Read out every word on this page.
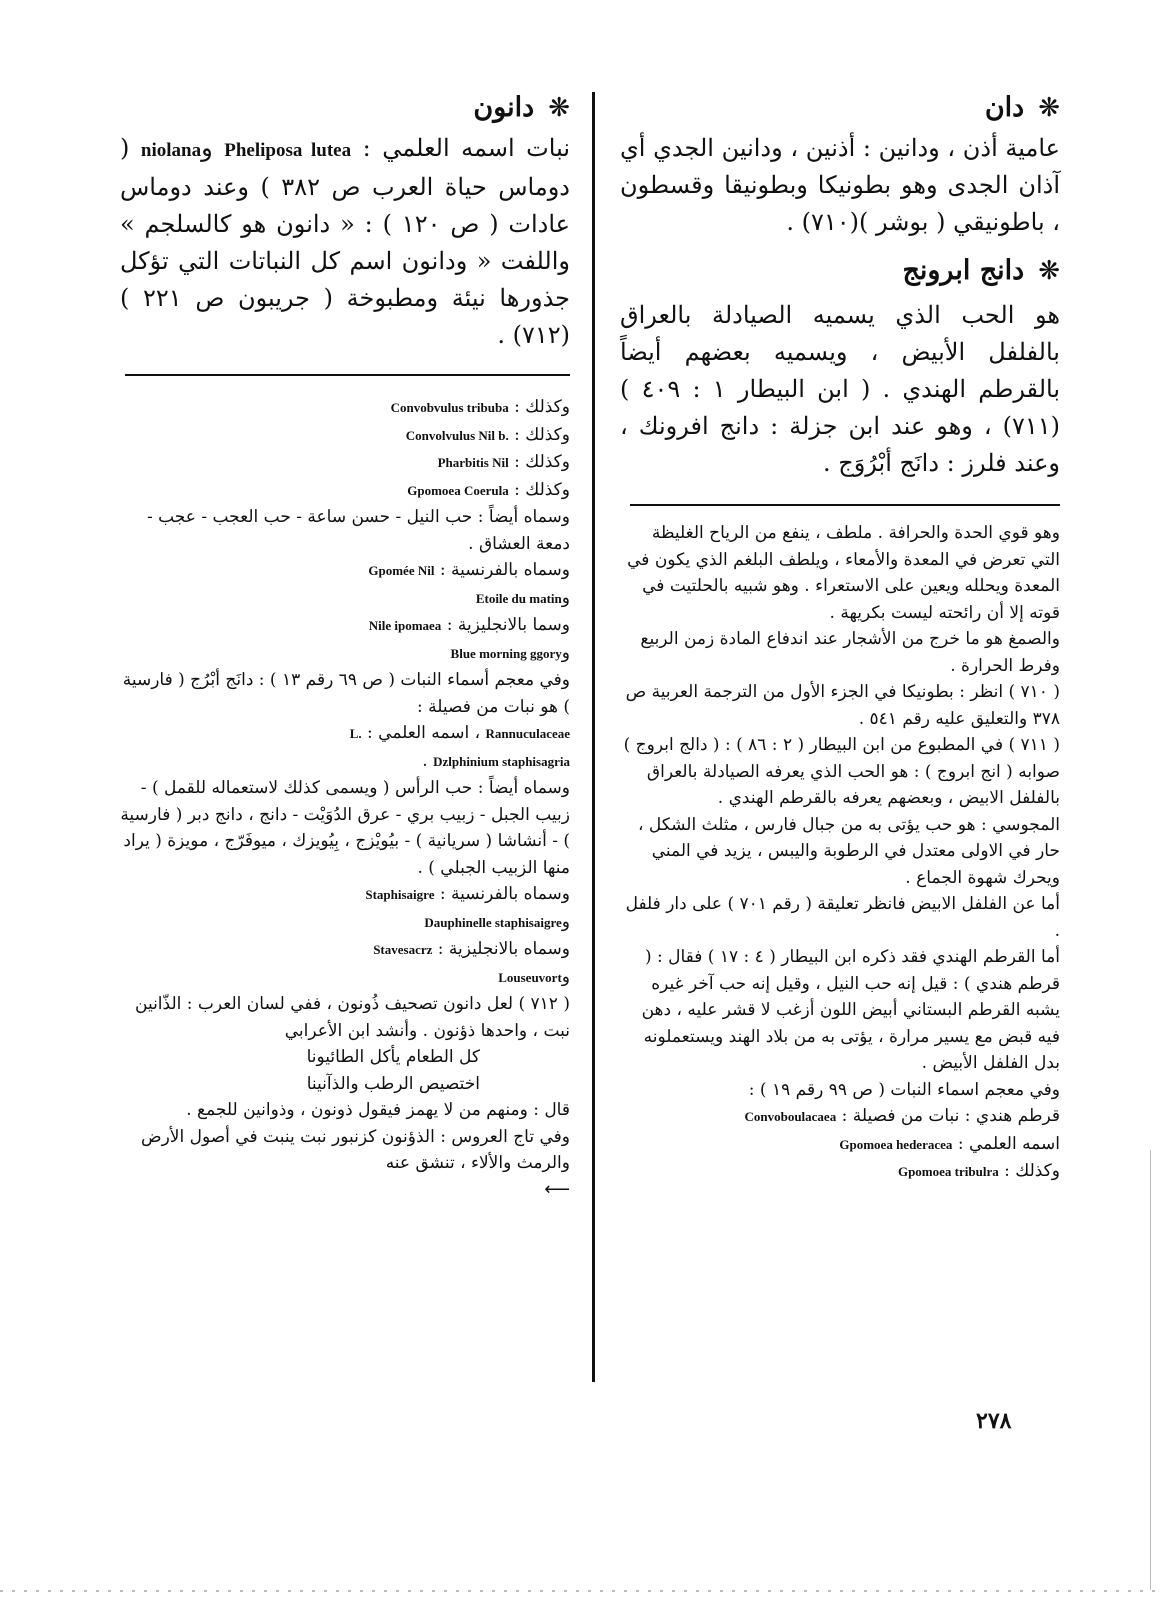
❋
دان

عامية أذن ، ودانين : أذنين ، ودانين الجدي أي آذان الجدى وهو بطونيكا وبطونيقا وقسطون ، باطونيقي ( بوشر )(٧١٠) .

❋
دانج ابرونج

هو الحب الذي يسميه الصيادلة بالعراق بالفلفل الأبيض ، ويسميه بعضهم أيضاً بالقرطم الهندي . ( ابن البيطار ١ : ٤٠٩ )(٧١١) ، وهو عند ابن جزلة : دانج افرونك ، وعند فلرز : دانَج أبْرُوَج .

وهو قوي الحدة والحرافة . ملطف ، ينفع من الرياح الغليظة التي تعرض في المعدة والأمعاء ، ويلطف البلغم الذي يكون في المعدة ويحلله ويعين على الاستعراء . وهو شبيه بالحلتيت في قوته إلا أن رائحته ليست بكريهة .

والصمغ هو ما خرج من الأشجار عند اندفاع المادة زمن الربيع وفرط الحرارة .

( ٧١٠ ) انظر : بطونيكا في الجزء الأول من الترجمة العربية ص ٣٧٨ والتعليق عليه رقم ٥٤١ .

( ٧١١ ) في المطبوع من ابن البيطار ( ٢ : ٨٦ ) : ( دالج ابروج ) صوابه ( انج ابروج ) : هو الحب الذي يعرفه الصيادلة بالعراق بالفلفل الابيض ، وبعضهم يعرفه بالقرطم الهندي .

المجوسي : هو حب يؤتى به من جبال فارس ، مثلث الشكل ، حار في الاولى معتدل في الرطوبة واليبس ، يزيد في المني ويحرك شهوة الجماع .

أما عن الفلفل الابيض فانظر تعليقة ( رقم ٧٠١ ) على دار فلفل .

أما القرطم الهندي فقد ذكره ابن البيطار ( ٤ : ١٧ ) فقال : ( قرطم هندي ) : قيل إنه حب النيل ، وقيل إنه حب آخر غيره يشبه القرطم البستاني أبيض اللون أزغب لا قشر عليه ، دهن فيه قبض مع يسير مرارة ، يؤتى به من بلاد الهند ويستعملونه بدل الفلفل الأبيض .

وفي معجم اسماء النبات ( ص ٩٩ رقم ١٩ ) :

قرطم هندي : نبات من فصيلة : Convoboulacaea
اسمه العلمي : Gpomoea hederacea
وكذلك : Gpomoea tribulra
❋
دانون

نبات اسمه العلمي : Pheliposa lutea وniolana ( دوماس حياة العرب ص ٣٨٢ ) وعند دوماس عادات ( ص ١٢٠ ) : « دانون هو كالسلجم » واللفت « ودانون اسم كل النباتات التي تؤكل جذورها نيئة ومطبوخة ( جريبون ص ٢٢١ )(٧١٢) .

وكذلك : Convobvulus tribuba
وكذلك : Convolvulus Nil b.
وكذلك : Pharbitis Nil
وكذلك : Gpomoea Coerula

وسماه أيضاً : حب النيل - حسن ساعة - حب العجب - عجب - دمعة العشاق .

وسماه بالفرنسية : Gpomée Nil
وEtoile du matin
وسما بالانجليزية : Nile ipomaea
وBlue morning ggory

وفي معجم أسماء النبات ( ص ٦٩ رقم ١٣ ) : دانَج أبْرُج ( فارسية ) هو نبات من فصيلة :

Rannuculaceae ، اسمه العلمي : L.
Dzlphinium staphisagria .

وسماه أيضاً : حب الرأس ( ويسمى كذلك لاستعماله للقمل ) - زبيب الجبل - زبيب بري - عرق الدُوَيْت - دانج ، دانج دبر ( فارسية ) - أنشاشا ( سريانية ) - بيُويْزج ، بِيُويزك ، ميوفَرّج ، مويزة ( يراد منها الزبيب الجبلي ) .

وسماه بالفرنسية : Staphisaigre
وDauphinelle staphisaigre
وسماه بالانجليزية : Stavesacrz
وLouseuvort

( ٧١٢ ) لعل دانون تصحيف ذُونون ، ففي لسان العرب : الذّانين نبت ، واحدها ذؤنون . وأنشد ابن الأعرابي

كل الطعام يأكل الطائيونا
اختصيص الرطب والذآنينا

قال : ومنهم من لا يهمز فيقول ذونون ، وذوانين للجمع .

وفي تاج العروس : الذؤنون كزنبور نبت ينبت في أصول الأرض والرمث والألاء ، تنشق عنه

⟵
٢٧٨
